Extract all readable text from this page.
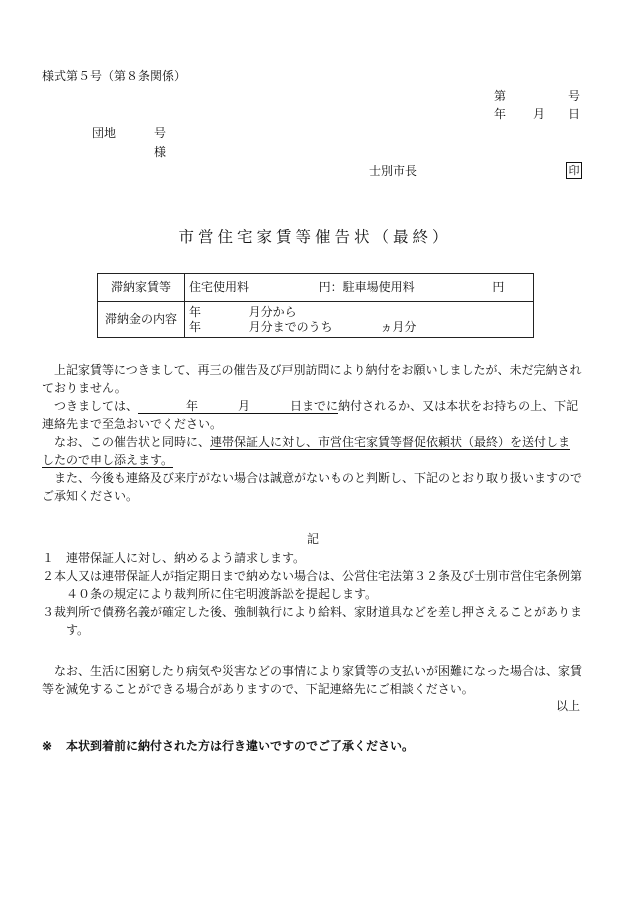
様式第５号（第８条関係）
第	号
年 月 日
団地	号
様
士別市長	印
市営住宅家賃等催告状（最終）
滞納家賃等	住宅使用料 円：駐車場使用料 円
滞納金の内容	年 月分から
年 月分までのうち ヵ月分

上記家賃等につきまして、再三の催告及び戸別訪問により納付をお願いしましたが、未だ完納されておりません。

つきましては、	年	月	日までに納付されるか、又は本状をお持ちの上、下記連絡先まで至急おいでください。

なお、この催告状と同時に、連帯保証人に対し、市営住宅家賃等督促依頼状（最終）を送付しましたので申し添えます。

また、今後も連絡及び来庁がない場合は誠意がないものと判断し、下記のとおり取り扱いますのでご承知ください。

記
１ 連帯保証人に対し、納めるよう請求します。
２ 本人又は連帯保証人が指定期日まで納めない場合は、公営住宅法第３２条及び士別市営住宅条例第４０条の規定により裁判所に住宅明渡訴訟を提起します。
３ 裁判所で債務名義が確定した後、強制執行により給料、家財道具などを差し押さえることがあります。

なお、生活に困窮したり病気や災害などの事情により家賃等の支払いが困難になった場合は、家賃等を減免することができる場合がありますので、下記連絡先にご相談ください。

以上
※ 本状到着前に納付された方は行き違いですのでご了承ください。
